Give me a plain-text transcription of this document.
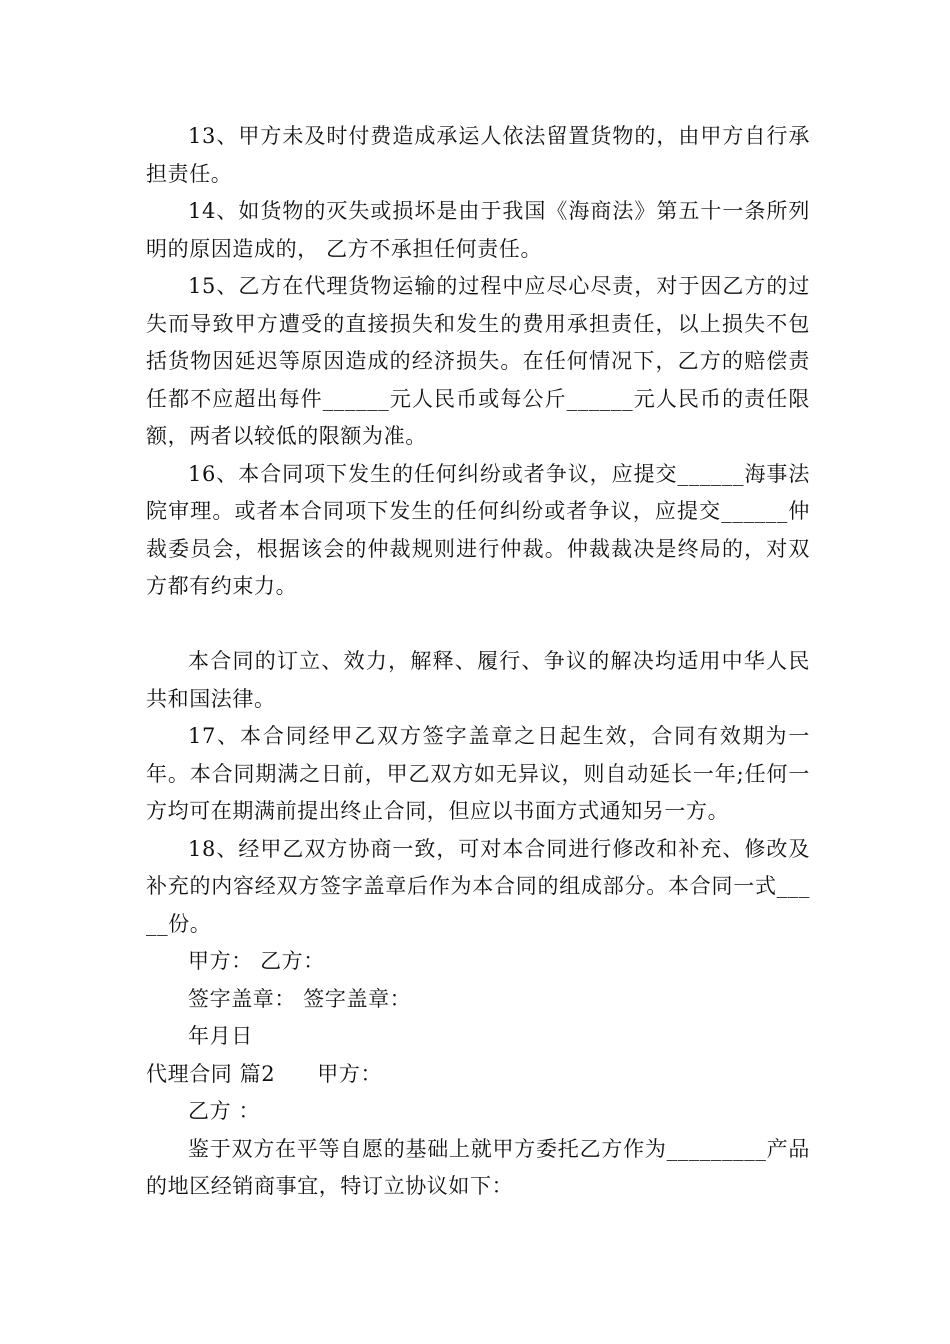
13、甲方未及时付费造成承运人依法留置货物的，由甲方自行承担责任。

14、如货物的灭失或损坏是由于我国《海商法》第五十一条所列明的原因造成的， 乙方不承担任何责任。

15、乙方在代理货物运输的过程中应尽心尽责，对于因乙方的过失而导致甲方遭受的直接损失和发生的费用承担责任，以上损失不包括货物因延迟等原因造成的经济损失。在任何情况下，乙方的赔偿责任都不应超出每件______元人民币或每公斤______元人民币的责任限额，两者以较低的限额为准。

16、本合同项下发生的任何纠纷或者争议，应提交______海事法院审理。或者本合同项下发生的任何纠纷或者争议，应提交______仲裁委员会，根据该会的仲裁规则进行仲裁。仲裁裁决是终局的，对双方都有约束力。

本合同的订立、效力，解释、履行、争议的解决均适用中华人民共和国法律。

17、本合同经甲乙双方签字盖章之日起生效，合同有效期为一年。本合同期满之日前，甲乙双方如无异议，则自动延长一年;任何一方均可在期满前提出终止合同，但应以书面方式通知另一方。

18、经甲乙双方协商一致，可对本合同进行修改和补充、修改及补充的内容经双方签字盖章后作为本合同的组成部分。本合同一式_____份。

甲方： 乙方：

签字盖章： 签字盖章：

年月日

代理合同 篇2 甲方：

乙方 ：

鉴于双方在平等自愿的基础上就甲方委托乙方作为_________产品的地区经销商事宜，特订立协议如下：
